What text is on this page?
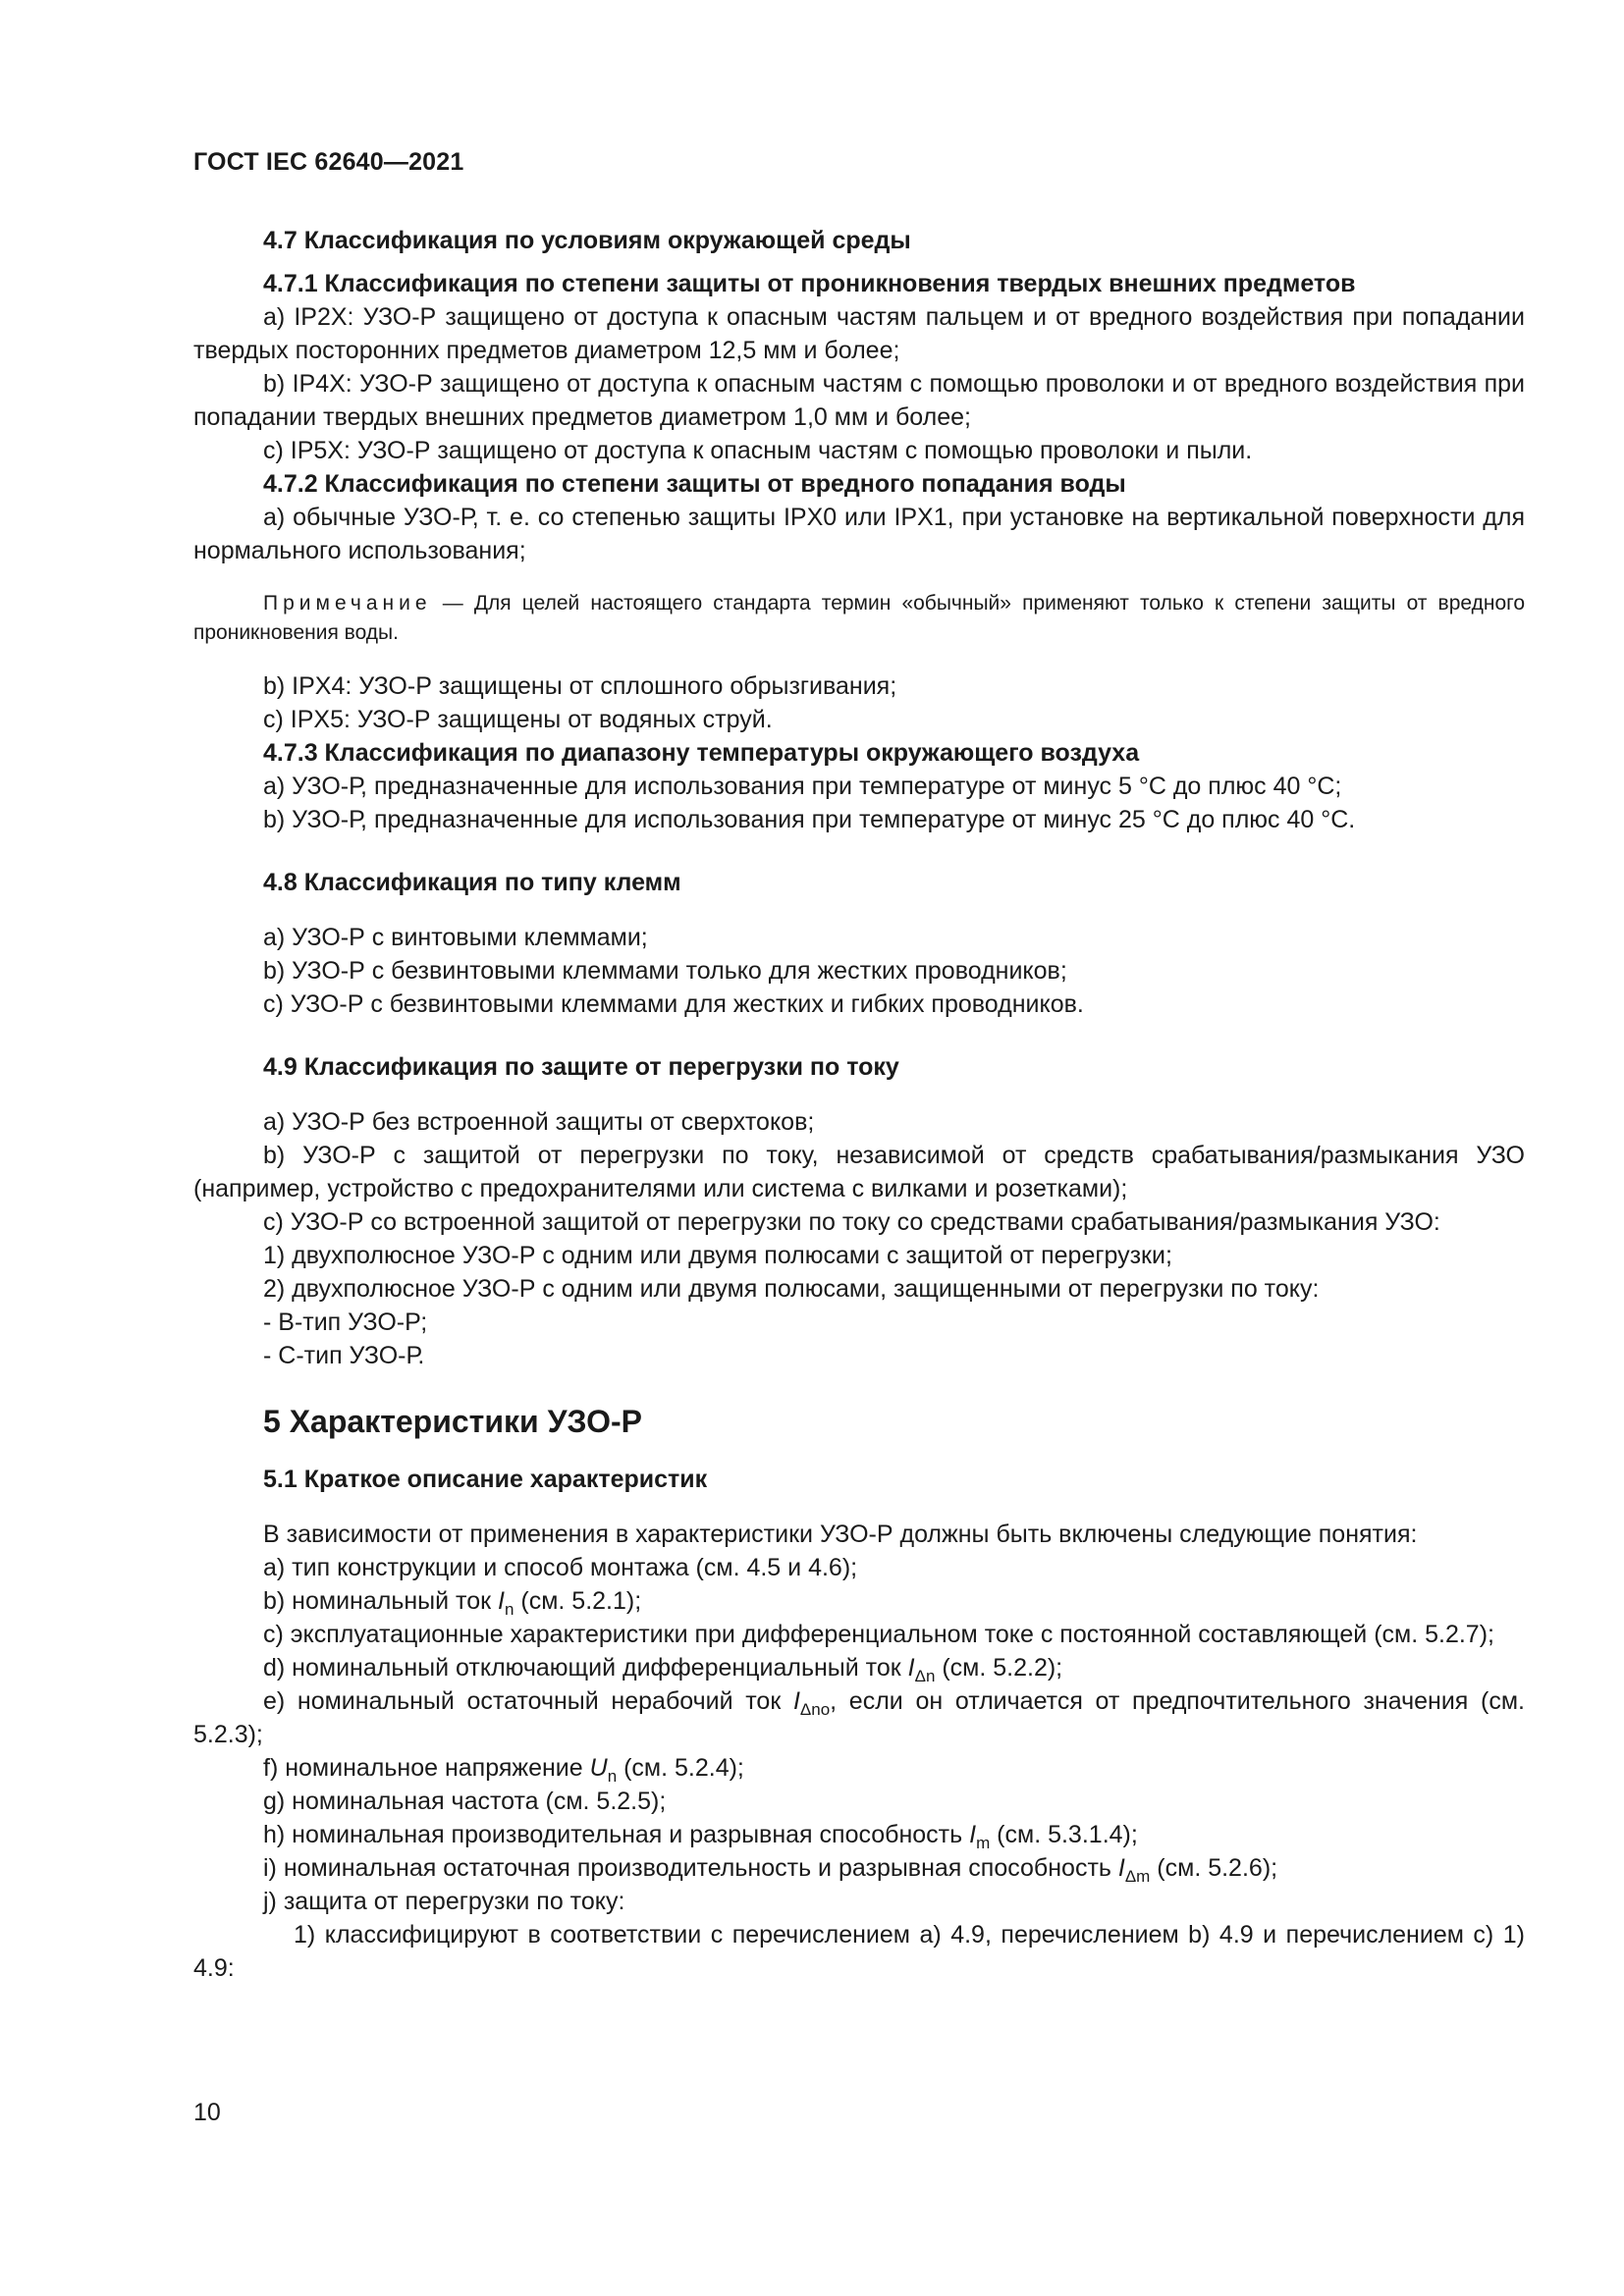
ГОСТ IEC 62640—2021

4.7 Классификация по условиям окружающей среды

4.7.1 Классификация по степени защиты от проникновения твердых внешних предметов

а) IP2X: УЗО-Р защищено от доступа к опасным частям пальцем и от вредного воздействия при попадании твердых посторонних предметов диаметром 12,5 мм и более;

b) IP4X: УЗО-Р защищено от доступа к опасным частям с помощью проволоки и от вредного воздействия при попадании твердых внешних предметов диаметром 1,0 мм и более;

c) IP5X: УЗО-Р защищено от доступа к опасным частям с помощью проволоки и пыли.

4.7.2 Классификация по степени защиты от вредного попадания воды

а) обычные УЗО-Р, т. е. со степенью защиты IPX0 или IPX1, при установке на вертикальной поверхности для нормального использования;

Примечание — Для целей настоящего стандарта термин «обычный» применяют только к степени защиты от вредного проникновения воды.

b) IPX4: УЗО-Р защищены от сплошного обрызгивания;

c) IPX5: УЗО-Р защищены от водяных струй.

4.7.3 Классификация по диапазону температуры окружающего воздуха

а) УЗО-Р, предназначенные для использования при температуре от минус 5 °С до плюс 40 °С;

b) УЗО-Р, предназначенные для использования при температуре от минус 25 °С до плюс 40 °С.

4.8 Классификация по типу клемм

а) УЗО-Р с винтовыми клеммами;

b) УЗО-Р с безвинтовыми клеммами только для жестких проводников;

c) УЗО-Р с безвинтовыми клеммами для жестких и гибких проводников.

4.9 Классификация по защите от перегрузки по току

а) УЗО-Р без встроенной защиты от сверхтоков;

b) УЗО-Р с защитой от перегрузки по току, независимой от средств срабатывания/размыкания УЗО (например, устройство с предохранителями или система с вилками и розетками);

c) УЗО-Р со встроенной защитой от перегрузки по току со средствами срабатывания/размыкания УЗО:

1) двухполюсное УЗО-Р с одним или двумя полюсами с защитой от перегрузки;

2) двухполюсное УЗО-Р с одним или двумя полюсами, защищенными от перегрузки по току:

- В-тип УЗО-Р;

- С-тип УЗО-Р.

5 Характеристики УЗО-Р

5.1 Краткое описание характеристик

В зависимости от применения в характеристики УЗО-Р должны быть включены следующие понятия:

а) тип конструкции и способ монтажа (см. 4.5 и 4.6);

b) номинальный ток $I_n$ (см. 5.2.1);

c) эксплуатационные характеристики при дифференциальном токе с постоянной составляющей (см. 5.2.7);

d) номинальный отключающий дифференциальный ток $I_{\Delta n}$ (см. 5.2.2);

е) номинальный остаточный нерабочий ток $I_{\Delta no}$, если он отличается от предпочтительного значения (см. 5.2.3);

f) номинальное напряжение $U_n$ (см. 5.2.4);

g) номинальная частота (см. 5.2.5);

h) номинальная производительная и разрывная способность $I_m$ (см. 5.3.1.4);

i) номинальная остаточная производительность и разрывная способность $I_{\Delta m}$ (см. 5.2.6);

j) защита от перегрузки по току:

1) классифицируют в соответствии с перечислением а) 4.9, перечислением b) 4.9 и перечислением c) 1) 4.9:

10
